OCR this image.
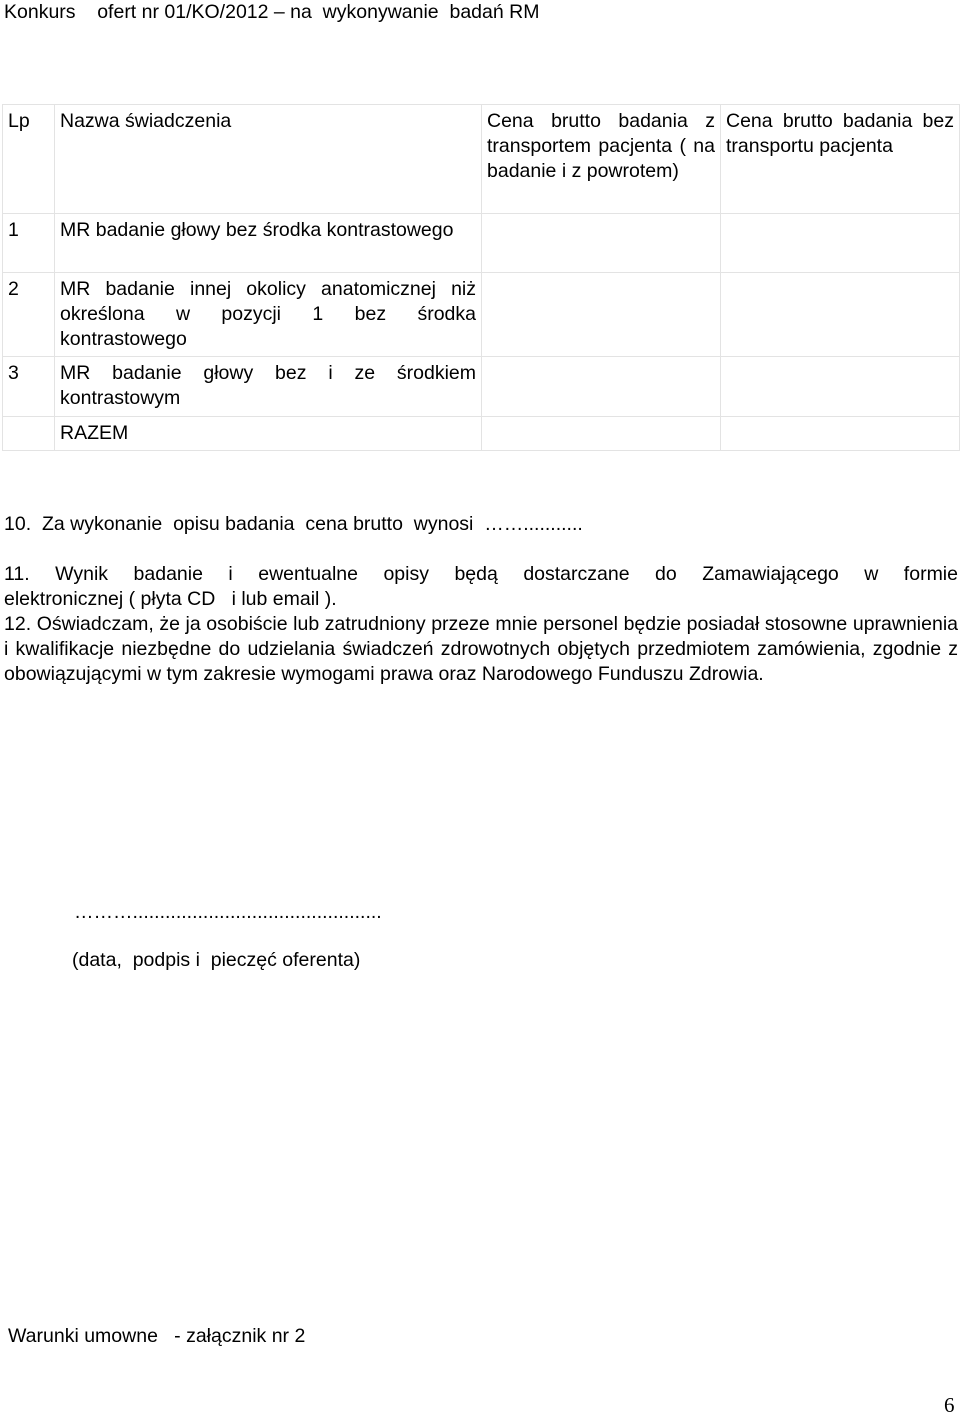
Konkurs    ofert nr 01/KO/2012 – na  wykonywanie  badań RM
Lp	Nazwa świadczenia	Cena brutto badania z transportem pacjenta ( na badanie i z powrotem)	Cena brutto badania bez transportu pacjenta
1	MR badanie głowy bez środka kontrastowego		
2	MR badanie innej okolicy anatomicznej niż określona w pozycji 1 bez środka kontrastowego		
3	MR badanie głowy bez i ze środkiem kontrastowym		
	RAZEM		
10.  Za wykonanie  opisu badania  cena brutto  wynosi  ……...........
11. Wynik badanie i ewentualne opisy będą dostarczane do Zamawiającego w formie
elektronicznej ( płyta CD   i lub email ).
12. Oświadczam, że ja osobiście lub zatrudniony przeze mnie personel będzie posiadał stosowne uprawnienia i kwalifikacje niezbędne do udzielania świadczeń zdrowotnych objętych przedmiotem zamówienia, zgodnie z obowiązującymi w tym zakresie wymogami prawa oraz Narodowego Funduszu Zdrowia.
………..............................................
(data,  podpis i  pieczęć oferenta)
Warunki umowne   - załącznik nr 2
6
